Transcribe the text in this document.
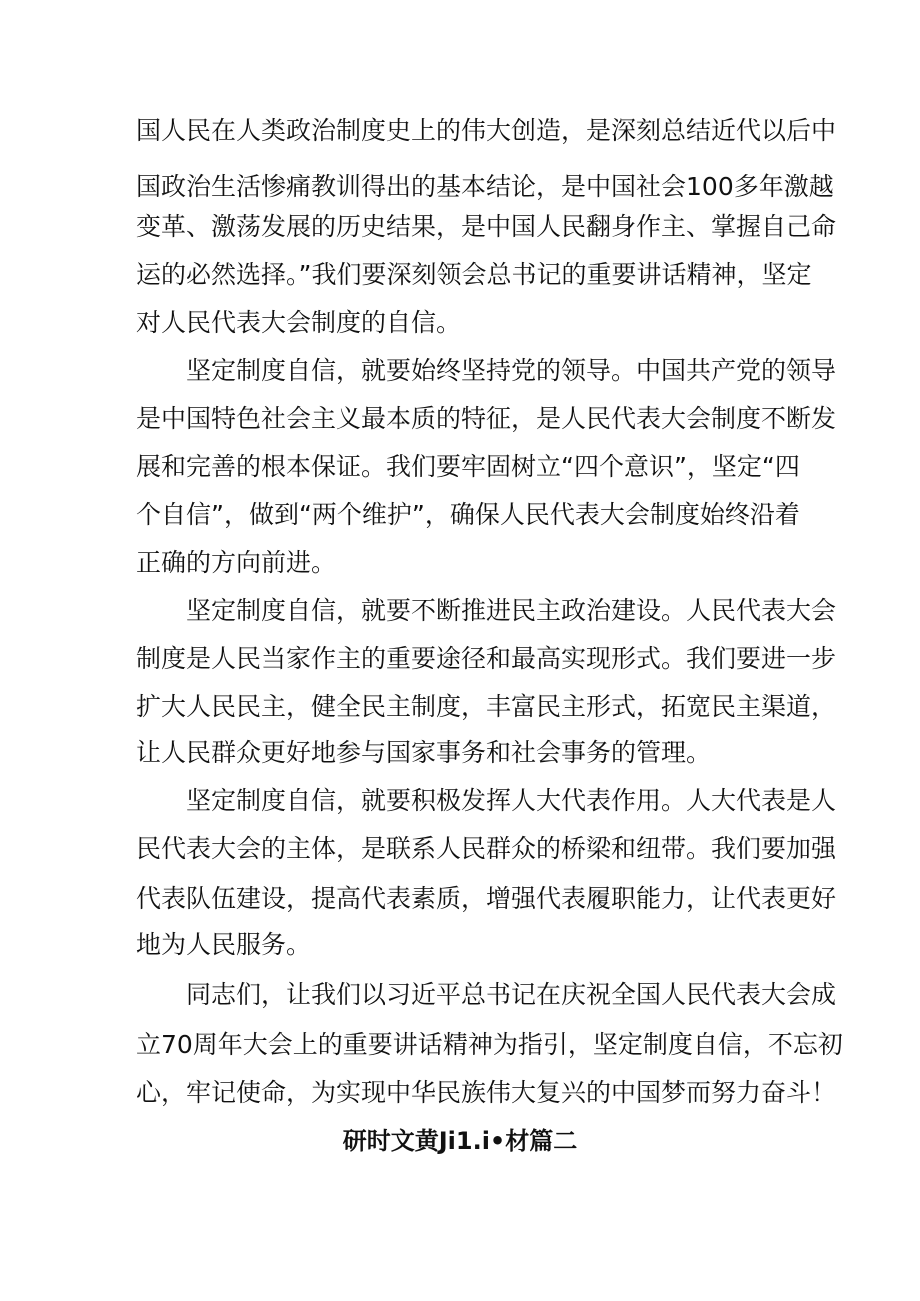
国人民在人类政治制度史上的伟大创造，是深刻总结近代以后中
国政治生活惨痛教训得出的基本结论，是中国社会100多年激越
变革、激荡发展的历史结果，是中国人民翻身作主、掌握自己命
运的必然选择。”我们要深刻领会总书记的重要讲话精神，坚定
对人民代表大会制度的自信。
坚定制度自信，就要始终坚持党的领导。中国共产党的领导
是中国特色社会主义最本质的特征，是人民代表大会制度不断发
展和完善的根本保证。我们要牢固树立“四个意识”，坚定“四
个自信”，做到“两个维护”，确保人民代表大会制度始终沿着
正确的方向前进。
坚定制度自信，就要不断推进民主政治建设。人民代表大会
制度是人民当家作主的重要途径和最高实现形式。我们要进一步
扩大人民民主，健全民主制度，丰富民主形式，拓宽民主渠道，
让人民群众更好地参与国家事务和社会事务的管理。
坚定制度自信，就要积极发挥人大代表作用。人大代表是人
民代表大会的主体，是联系人民群众的桥梁和纽带。我们要加强
代表队伍建设，提高代表素质，增强代表履职能力，让代表更好
地为人民服务。
同志们，让我们以习近平总书记在庆祝全国人民代表大会成
立70周年大会上的重要讲话精神为指引，坚定制度自信，不忘初
心，牢记使命，为实现中华民族伟大复兴的中国梦而努力奋斗！
研时文黄Ji1.i•材篇二
